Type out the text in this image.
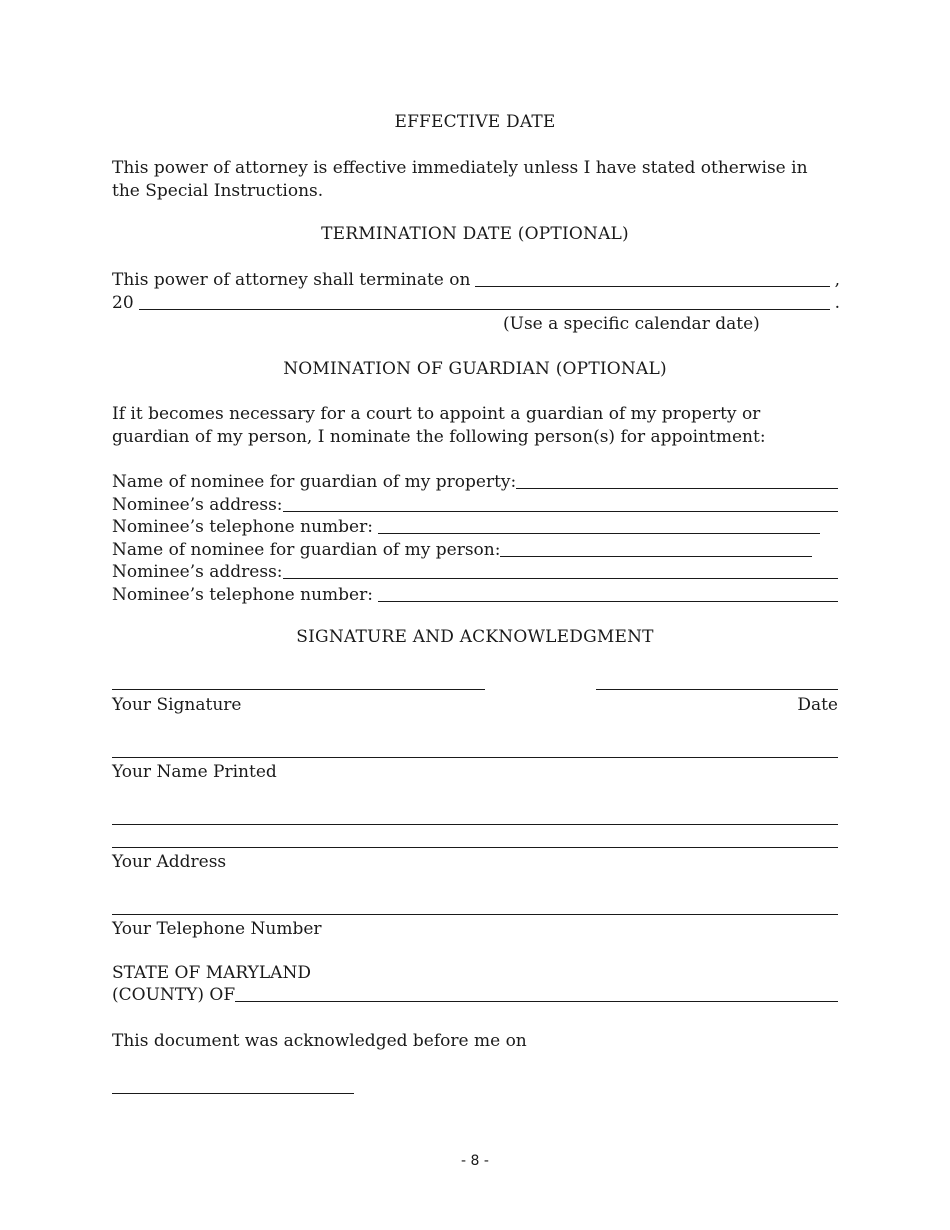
EFFECTIVE DATE
This power of attorney is effective immediately unless I have stated otherwise in the Special Instructions.
TERMINATION DATE (OPTIONAL)
This power of attorney shall terminate on	,
20	.
(Use a specific calendar date)
NOMINATION OF GUARDIAN (OPTIONAL)
If it becomes necessary for a court to appoint a guardian of my property or guardian of my person, I nominate the following person(s) for appointment:
Name of nominee for guardian of my property:
Nominee’s address:
Nominee’s telephone number:
Name of nominee for guardian of my person:
Nominee’s address:
Nominee’s telephone number:
SIGNATURE AND ACKNOWLEDGMENT
Your Signature	Date
Your Name Printed
Your Address
Your Telephone Number
STATE OF MARYLAND
(COUNTY) OF
This document was acknowledged before me on
- 8 -
